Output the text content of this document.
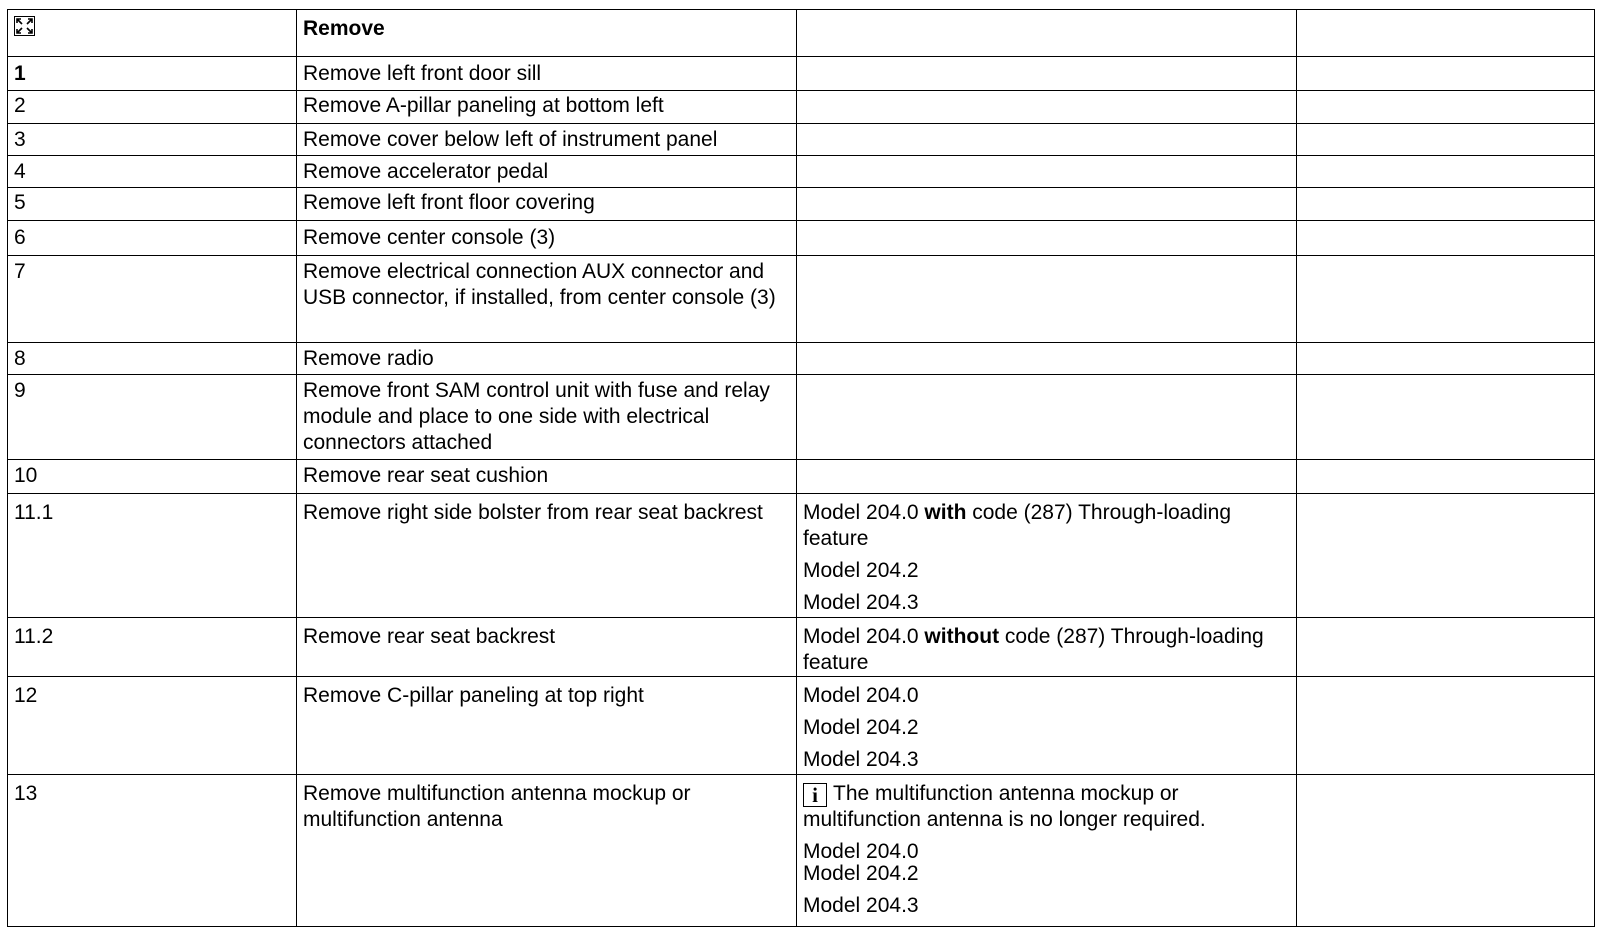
	Remove		
1	Remove left front door sill		
2	Remove A-pillar paneling at bottom left		
3	Remove cover below left of instrument panel		
4	Remove accelerator pedal		
5	Remove left front floor covering		
6	Remove center console (3)		
7	Remove electrical connection AUX connector and USB connector, if installed, from center console (3)		
8	Remove radio		
9	Remove front SAM control unit with fuse and relay module and place to one side with electrical connectors attached		
10	Remove rear seat cushion		
11.1	Remove right side bolster from rear seat backrest	Model 204.0 with code (287) Through-loading feature
Model 204.2
Model 204.3	

11.2	Remove rear seat backrest	Model 204.0 without code (287) Through-loading feature	

12	Remove C-pillar paneling at top right	Model 204.0
Model 204.2
Model 204.3	

13	Remove multifunction antenna mockup or multifunction antenna	i The multifunction antenna mockup or multifunction antenna is no longer required.
Model 204.0
Model 204.2
Model 204.3	
